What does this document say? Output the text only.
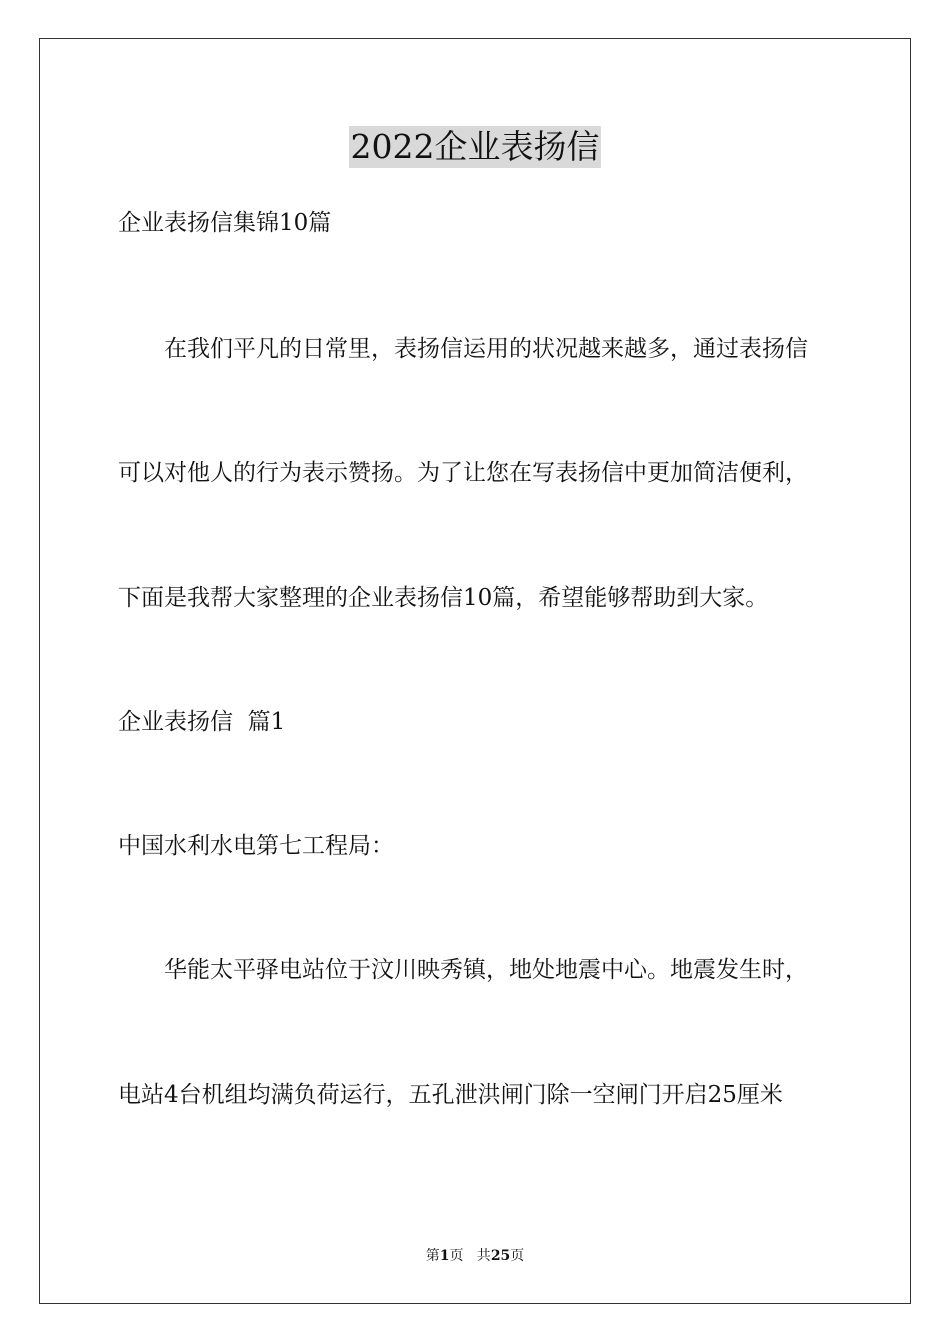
2022企业表扬信
企业表扬信集锦10篇
在我们平凡的日常里，表扬信运用的状况越来越多，通过表扬信
可以对他人的行为表示赞扬。为了让您在写表扬信中更加简洁便利，
下面是我帮大家整理的企业表扬信10篇，希望能够帮助到大家。
企业表扬信  篇1
中国水利水电第七工程局：
华能太平驿电站位于汶川映秀镇，地处地震中心。地震发生时，
电站4台机组均满负荷运行，五孔泄洪闸门除一空闸门开启25厘米
第1页   共25页
